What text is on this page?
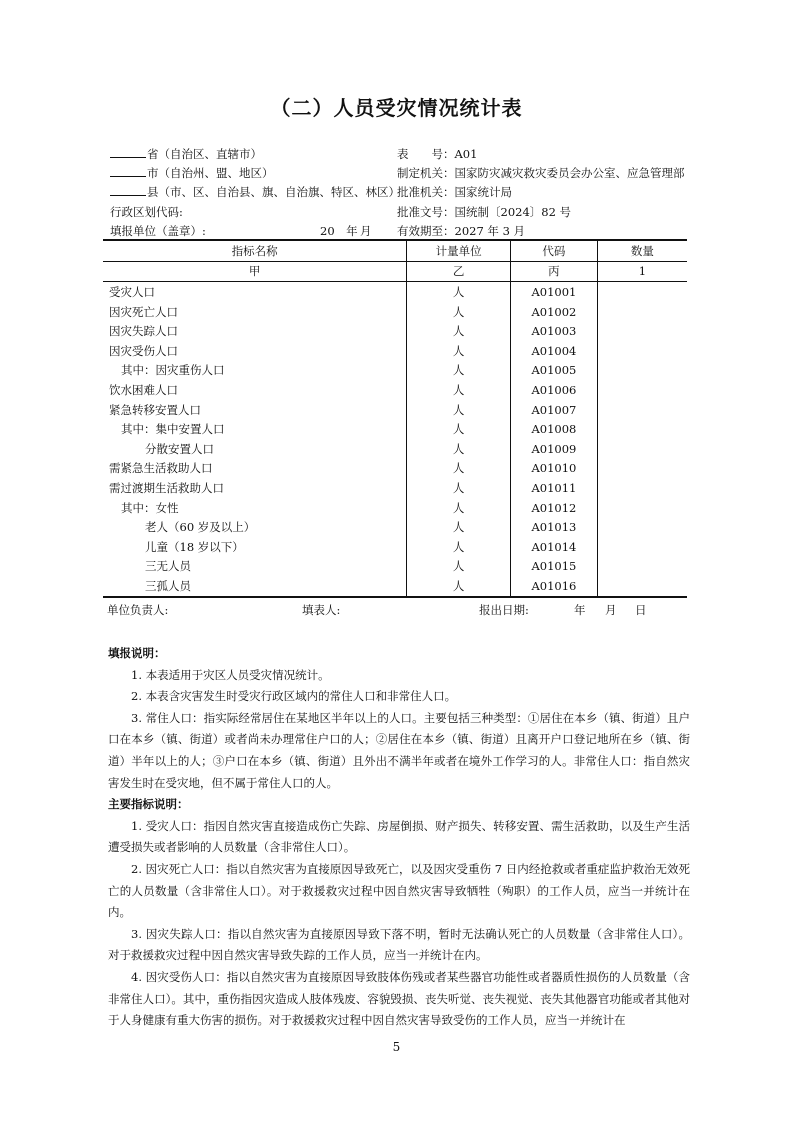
（二）人员受灾情况统计表
省（自治区、直辖市）
市（自治州、盟、地区）
县（市、区、自治县、旗、自治旗、特区、林区）
行政区划代码:
填报单位（盖章）:	20　年 月
表　　号：A01
制定机关：国家防灾减灾救灾委员会办公室、应急管理部
批准机关：国家统计局
批准文号：国统制〔2024〕82 号
有效期至：2027 年 3 月
指标名称	计量单位	代码	数量
甲	乙	丙	1
受灾人口	人	A01001	
因灾死亡人口	人	A01002	
因灾失踪人口	人	A01003	
因灾受伤人口	人	A01004	
其中：因灾重伤人口	人	A01005	
饮水困难人口	人	A01006	
紧急转移安置人口	人	A01007	
其中：集中安置人口	人	A01008	
分散安置人口	人	A01009	
需紧急生活救助人口	人	A01010	
需过渡期生活救助人口	人	A01011	
其中：女性	人	A01012	
老人（60 岁及以上）	人	A01013	
儿童（18 岁以下）	人	A01014	
三无人员	人	A01015	
三孤人员	人	A01016	
单位负责人:	填表人:	报出日期:	年 月 日
填报说明：

1. 本表适用于灾区人员受灾情况统计。

2. 本表含灾害发生时受灾行政区域内的常住人口和非常住人口。

3. 常住人口：指实际经常居住在某地区半年以上的人口。主要包括三种类型：①居住在本乡（镇、街道）且户口在本乡（镇、街道）或者尚未办理常住户口的人；②居住在本乡（镇、街道）且离开户口登记地所在乡（镇、街道）半年以上的人；③户口在本乡（镇、街道）且外出不满半年或者在境外工作学习的人。非常住人口：指自然灾害发生时在受灾地，但不属于常住人口的人。

主要指标说明：

1. 受灾人口：指因自然灾害直接造成伤亡失踪、房屋倒损、财产损失、转移安置、需生活救助，以及生产生活遭受损失或者影响的人员数量（含非常住人口）。

2. 因灾死亡人口：指以自然灾害为直接原因导致死亡，以及因灾受重伤 7 日内经抢救或者重症监护救治无效死亡的人员数量（含非常住人口）。对于救援救灾过程中因自然灾害导致牺牲（殉职）的工作人员，应当一并统计在内。

3. 因灾失踪人口：指以自然灾害为直接原因导致下落不明，暂时无法确认死亡的人员数量（含非常住人口）。对于救援救灾过程中因自然灾害导致失踪的工作人员，应当一并统计在内。

4. 因灾受伤人口：指以自然灾害为直接原因导致肢体伤残或者某些器官功能性或者器质性损伤的人员数量（含非常住人口）。其中，重伤指因灾造成人肢体残废、容貌毁损、丧失听觉、丧失视觉、丧失其他器官功能或者其他对于人身健康有重大伤害的损伤。对于救援救灾过程中因自然灾害导致受伤的工作人员，应当一并统计在

5
